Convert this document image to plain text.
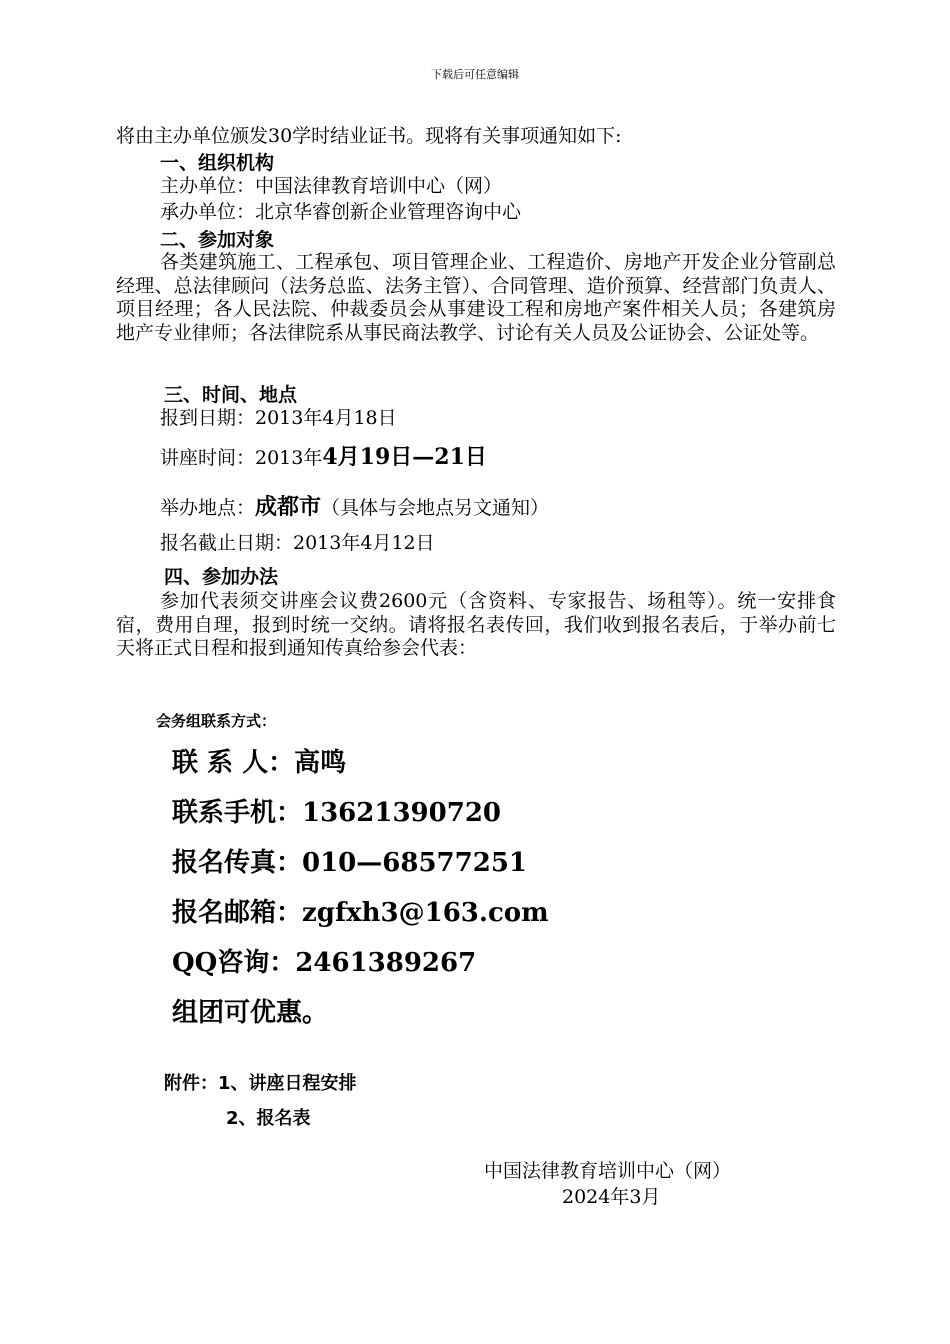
下载后可任意编辑
将由主办单位颁发30学时结业证书。现将有关事项通知如下:
一、组织机构
主办单位：中国法律教育培训中心（网）
承办单位：北京华睿创新企业管理咨询中心
二、参加对象
各类建筑施工、工程承包、项目管理企业、工程造价、房地产开发企业分管副总经理、总法律顾问（法务总监、法务主管）、合同管理、造价预算、经营部门负责人、项目经理；各人民法院、仲裁委员会从事建设工程和房地产案件相关人员；各建筑房地产专业律师；各法律院系从事民商法教学、讨论有关人员及公证协会、公证处等。
三、时间、地点
报到日期：2013年4月18日
讲座时间：2013年4月19日—21日
举办地点：成都市（具体与会地点另文通知）
报名截止日期：2013年4月12日
四、参加办法
参加代表须交讲座会议费2600元（含资料、专家报告、场租等）。统一安排食宿，费用自理，报到时统一交纳。请将报名表传回，我们收到报名表后，于举办前七天将正式日程和报到通知传真给参会代表：
会务组联系方式：
联 系 人：高鸣
联系手机：13621390720
报名传真：010—68577251
报名邮箱：zgfxh3@163.com
QQ咨询：2461389267
组团可优惠。
附件：1、讲座日程安排
2、报名表
中国法律教育培训中心（网）
2024年3月
